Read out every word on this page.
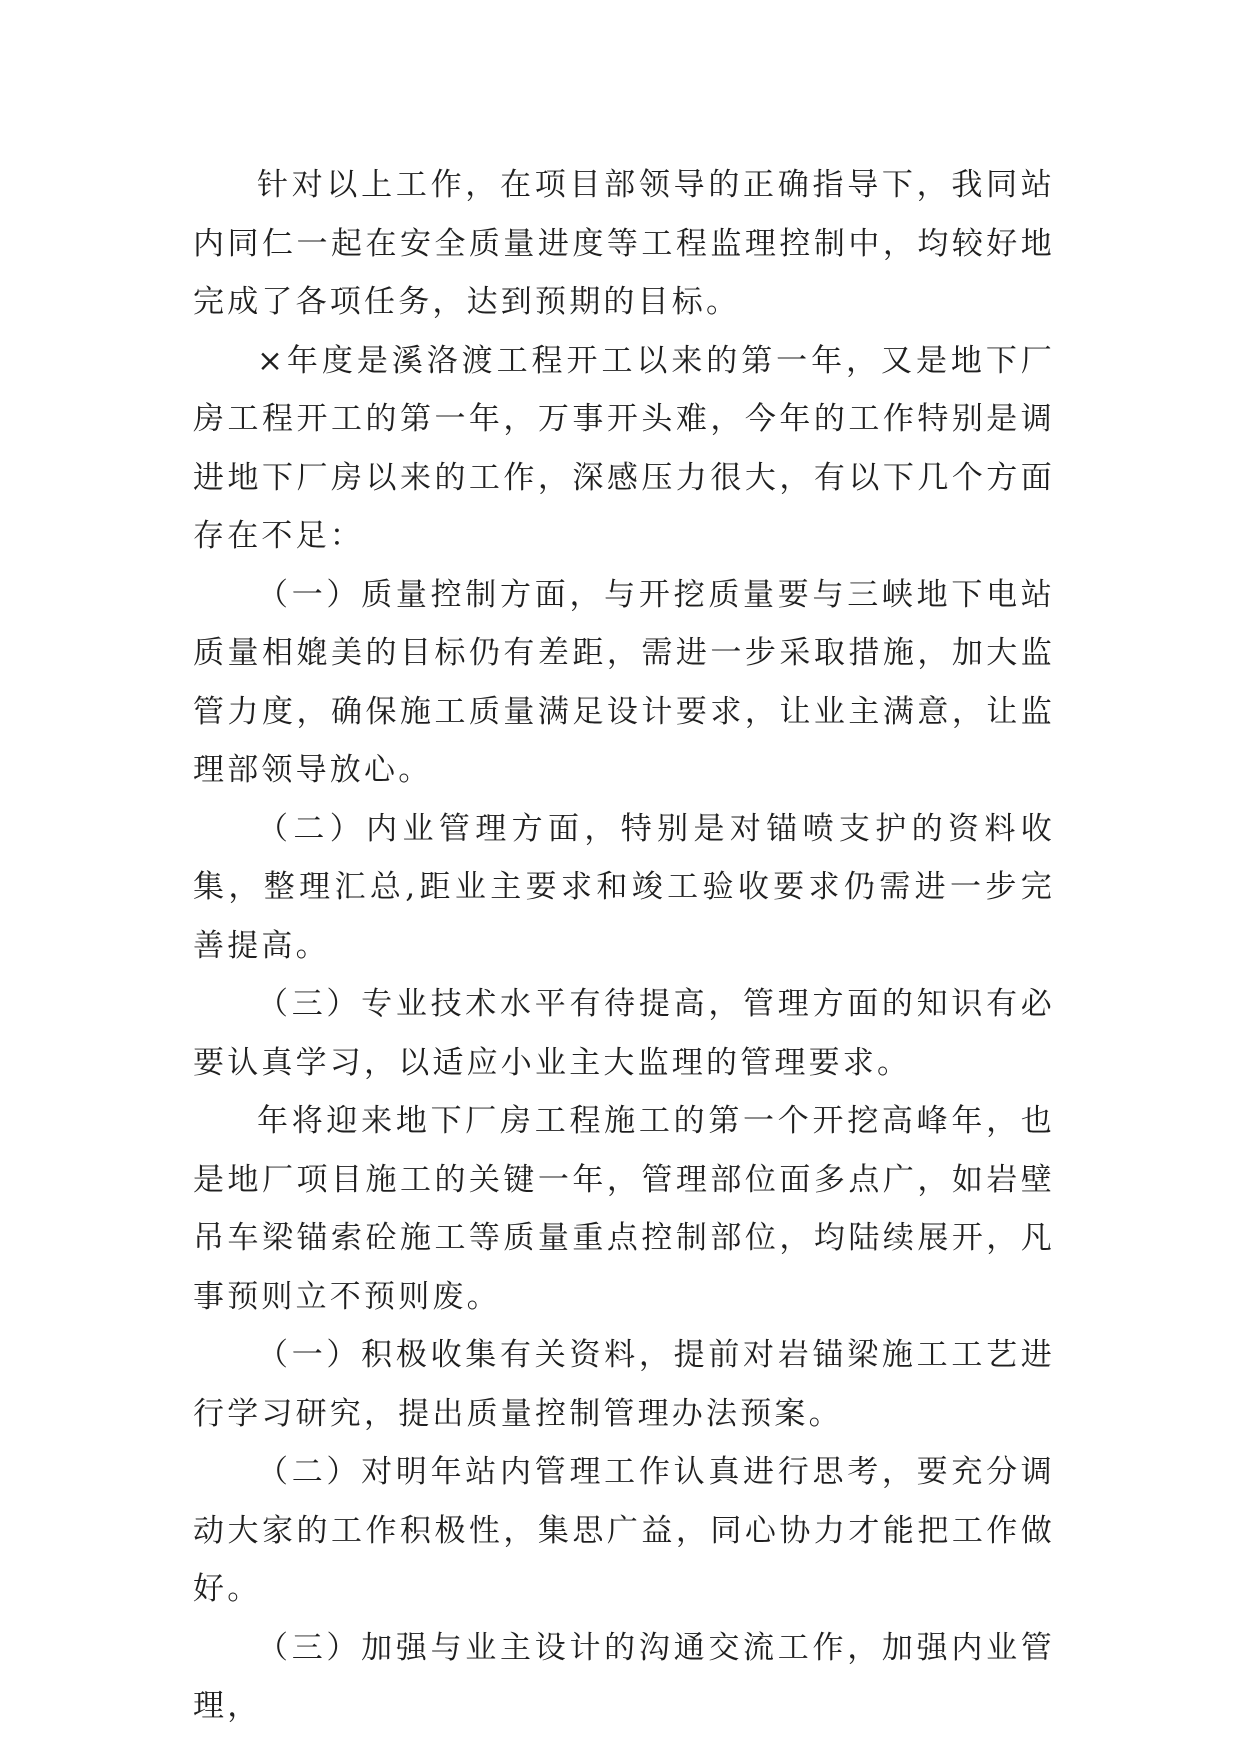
针对以上工作，在项目部领导的正确指导下，我同站内同仁一起在安全质量进度等工程监理控制中，均较好地完成了各项任务，达到预期的目标。

×年度是溪洛渡工程开工以来的第一年，又是地下厂房工程开工的第一年，万事开头难，今年的工作特别是调进地下厂房以来的工作，深感压力很大，有以下几个方面存在不足：

（一）质量控制方面，与开挖质量要与三峡地下电站质量相媲美的目标仍有差距，需进一步采取措施，加大监管力度，确保施工质量满足设计要求，让业主满意，让监理部领导放心。

（二）内业管理方面，特别是对锚喷支护的资料收集，整理汇总,距业主要求和竣工验收要求仍需进一步完善提高。

（三）专业技术水平有待提高，管理方面的知识有必要认真学习，以适应小业主大监理的管理要求。

年将迎来地下厂房工程施工的第一个开挖高峰年，也是地厂项目施工的关键一年，管理部位面多点广，如岩壁吊车梁锚索砼施工等质量重点控制部位，均陆续展开，凡事预则立不预则废。

（一）积极收集有关资料，提前对岩锚梁施工工艺进行学习研究，提出质量控制管理办法预案。

（二）对明年站内管理工作认真进行思考，要充分调动大家的工作积极性，集思广益，同心协力才能把工作做好。

（三）加强与业主设计的沟通交流工作，加强内业管理，
